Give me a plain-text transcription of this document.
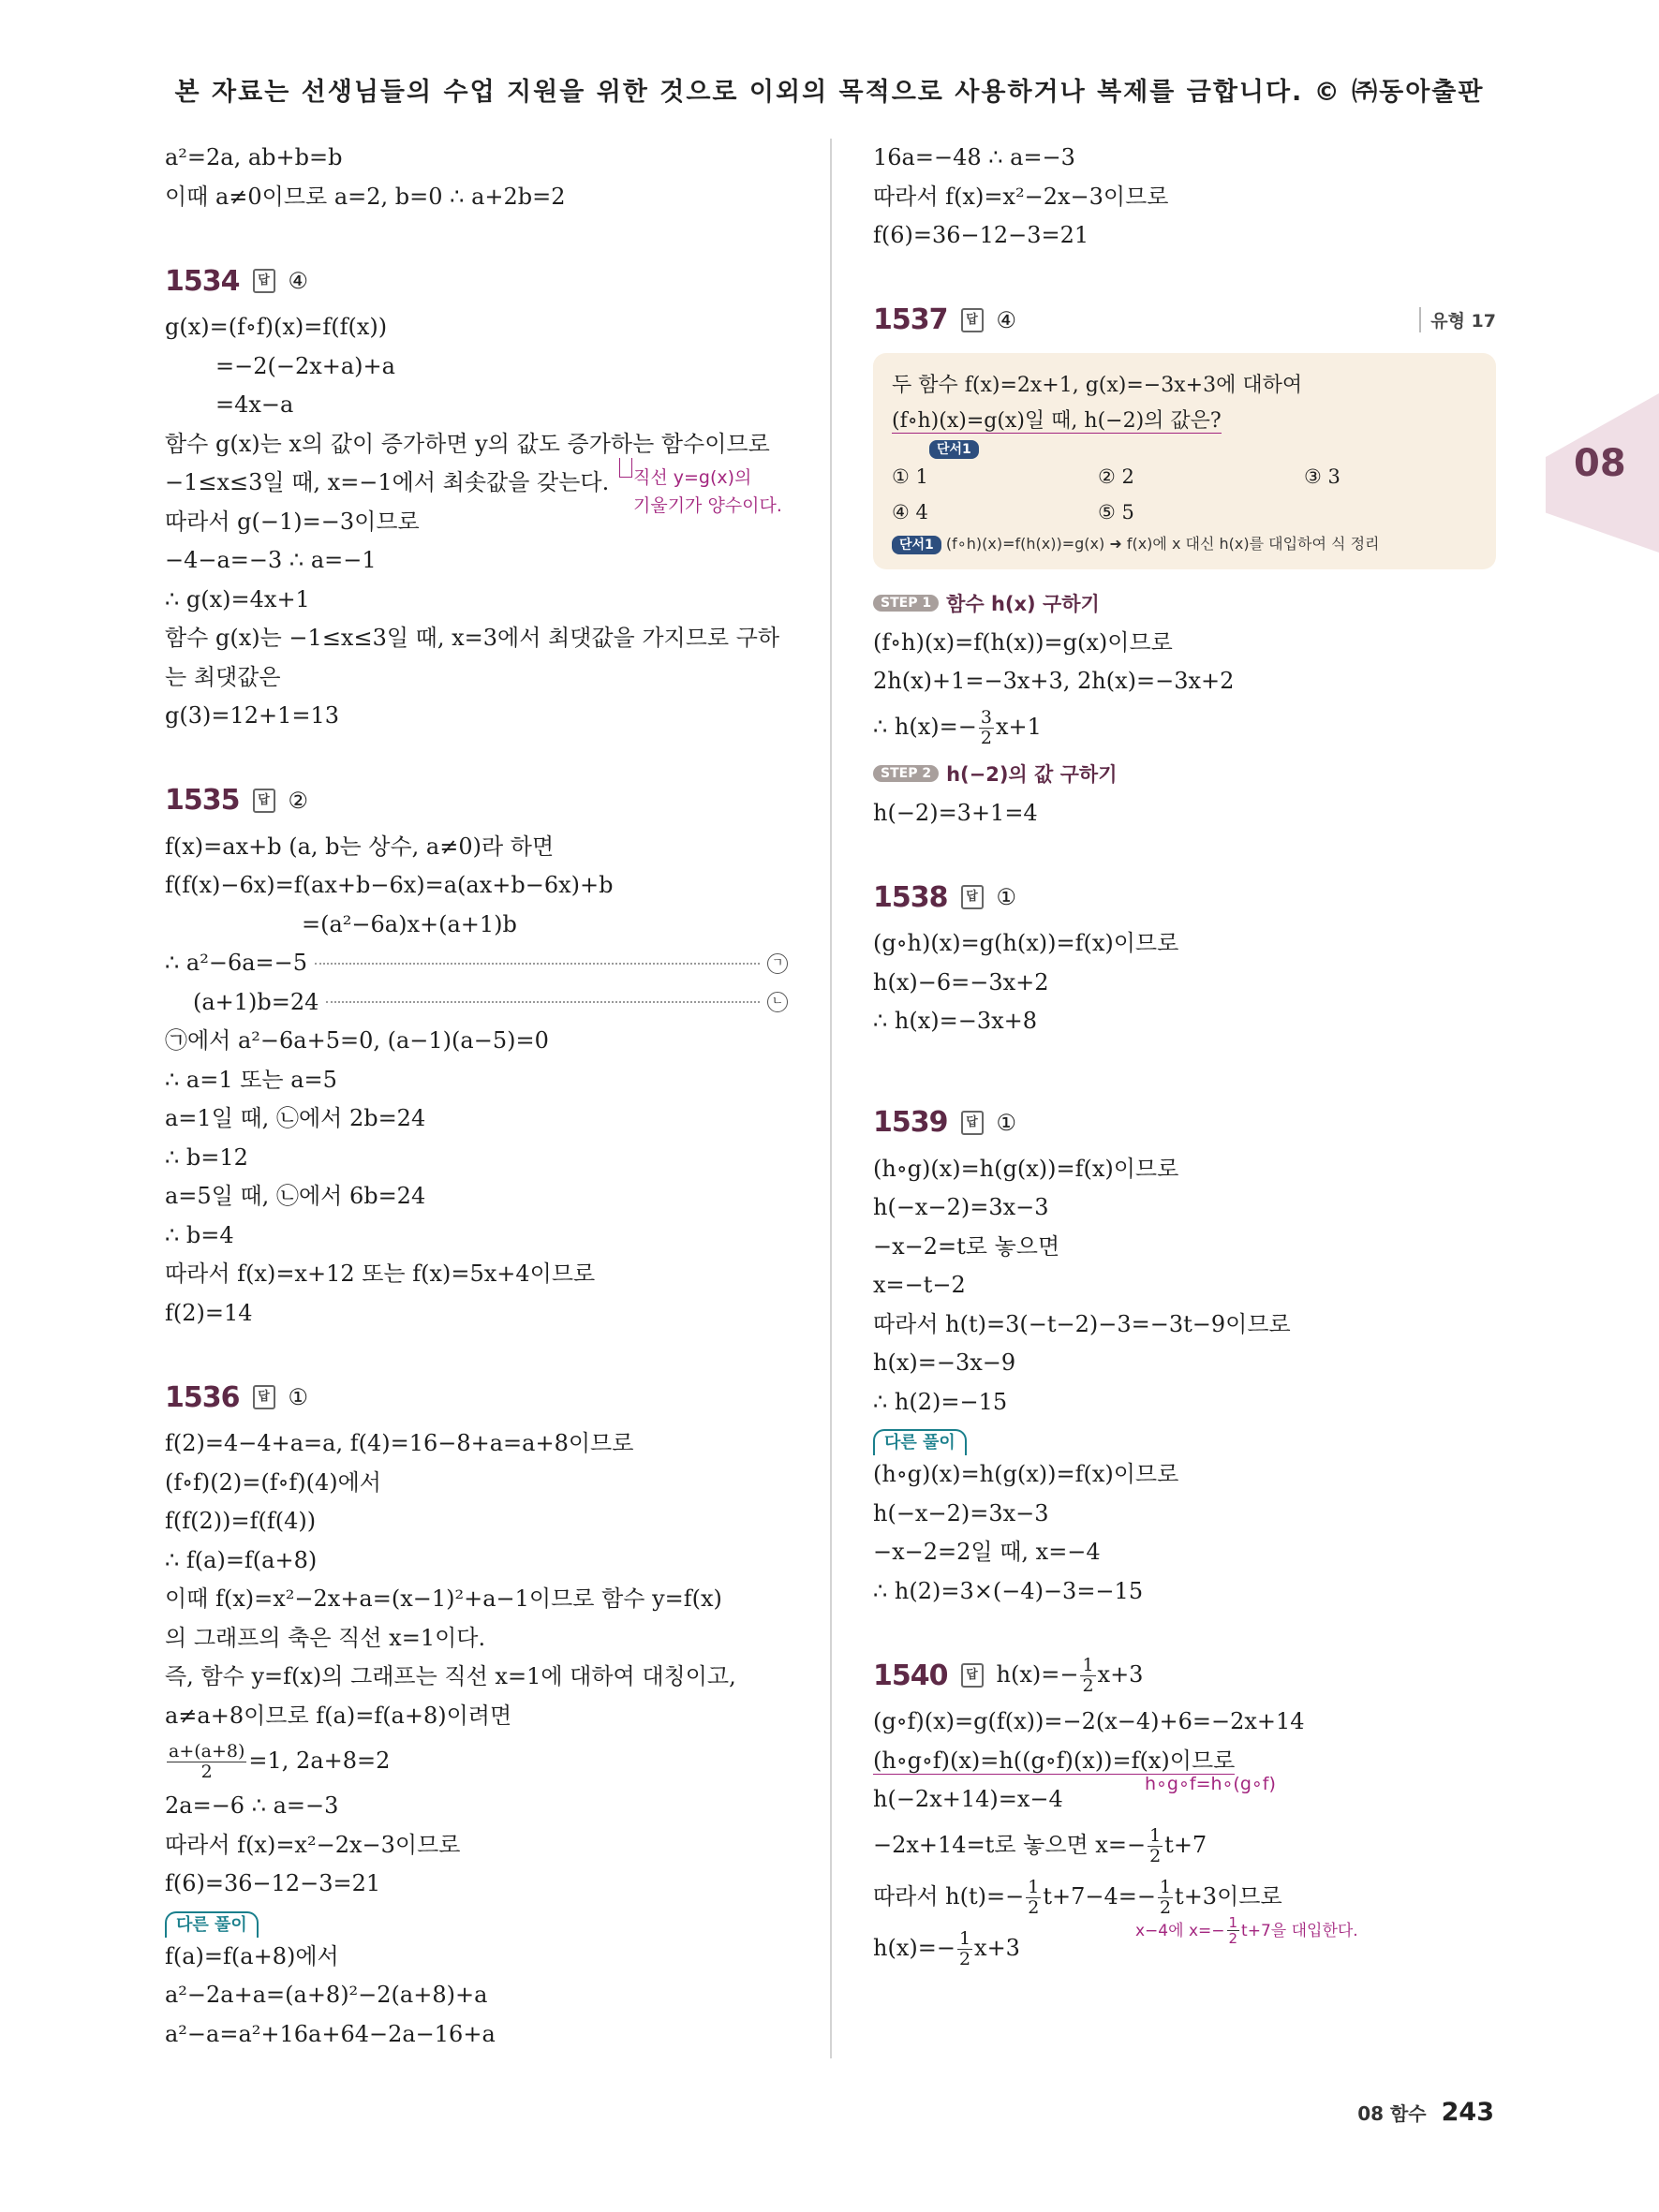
본 자료는 선생님들의 수업 지원을 위한 것으로 이외의 목적으로 사용하거나 복제를 금합니다. © ㈜동아출판
08
a²=2a, ab+b=b
이때 a≠0이므로 a=2, b=0 ∴ a+2b=2
1534	답 ④
g(x)=(f∘f)(x)=f(f(x))
=−2(−2x+a)+a
=4x−a
함수 g(x)는 x의 값이 증가하면 y의 값도 증가하는 함수이므로
−1≤x≤3일 때, x=−1에서 최솟값을 갖는다. 직선 y=g(x)의
기울기가 양수이다.
따라서 g(−1)=−3이므로
−4−a=−3 ∴ a=−1
∴ g(x)=4x+1
함수 g(x)는 −1≤x≤3일 때, x=3에서 최댓값을 가지므로 구하
는 최댓값은
g(3)=12+1=13
1535	답 ②
f(x)=ax+b (a, b는 상수, a≠0)라 하면
f(f(x)−6x)=f(ax+b−6x)=a(ax+b−6x)+b
=(a²−6a)x+(a+1)b
∴ a²−6a=−5	ㄱ
(a+1)b=24	ㄴ
㉠에서 a²−6a+5=0, (a−1)(a−5)=0
∴ a=1 또는 a=5
a=1일 때, ㉡에서 2b=24
∴ b=12
a=5일 때, ㉡에서 6b=24
∴ b=4
따라서 f(x)=x+12 또는 f(x)=5x+4이므로
f(2)=14
1536	답 ①
f(2)=4−4+a=a, f(4)=16−8+a=a+8이므로
(f∘f)(2)=(f∘f)(4)에서
f(f(2))=f(f(4))
∴ f(a)=f(a+8)
이때 f(x)=x²−2x+a=(x−1)²+a−1이므로 함수 y=f(x)
의 그래프의 축은 직선 x=1이다.
즉, 함수 y=f(x)의 그래프는 직선 x=1에 대하여 대칭이고,
a≠a+8이므로 f(a)=f(a+8)이려면
$\frac{a+(a+8)}{2} =1$, 2a+8=2
2a=−6 ∴ a=−3
따라서 f(x)=x²−2x−3이므로
f(6)=36−12−3=21
다른 풀이
f(a)=f(a+8)에서
a²−2a+a=(a+8)²−2(a+8)+a
a²−a=a²+16a+64−2a−16+a
16a=−48 ∴ a=−3
따라서 f(x)=x²−2x−3이므로
f(6)=36−12−3=21
1537	답 ④	유형 17
두 함수 f(x)=2x+1, g(x)=−3x+3에 대하여
(f∘h)(x)=g(x)일 때, h(−2)의 값은?
단서1
① 1	② 2	③ 3
④ 4	⑤ 5
단서1 (f∘h)(x)=f(h(x))=g(x) ➜ f(x)에 x 대신 h(x)를 대입하여 식 정리
STEP 1 함수 h(x) 구하기
(f∘h)(x)=f(h(x))=g(x)이므로
2h(x)+1=−3x+3, 2h(x)=−3x+2
∴ $h(x)=- \frac{3}{2} x+1$
STEP 2 h(−2)의 값 구하기
h(−2)=3+1=4
1538	답 ①
(g∘h)(x)=g(h(x))=f(x)이므로
h(x)−6=−3x+2
∴ h(x)=−3x+8
1539	답 ①
(h∘g)(x)=h(g(x))=f(x)이므로
h(−x−2)=3x−3
−x−2=t로 놓으면
x=−t−2
따라서 h(t)=3(−t−2)−3=−3t−9이므로
h(x)=−3x−9
∴ h(2)=−15
다른 풀이
(h∘g)(x)=h(g(x))=f(x)이므로
h(−x−2)=3x−3
−x−2=2일 때, x=−4
∴ h(2)=3×(−4)−3=−15
1540	답 $h(x)=- \frac{1}{2} x+3$
(g∘f)(x)=g(f(x))=−2(x−4)+6=−2x+14
(h∘g∘f)(x)=h((g∘f)(x))=f(x)이므로
h(−2x+14)=x−4
h∘g∘f=h∘(g∘f)
−2x+14=t로 놓으면 $x=- \frac{1}{2} t+7$
따라서 $h(t)=- \frac{1}{2} t+7-4=- \frac{1}{2} t+3$이므로
$h(x)=- \frac{1}{2} x+3$
x−4에 $x=- \frac{1}{2} t+7$을 대입한다.
08 함수 243
